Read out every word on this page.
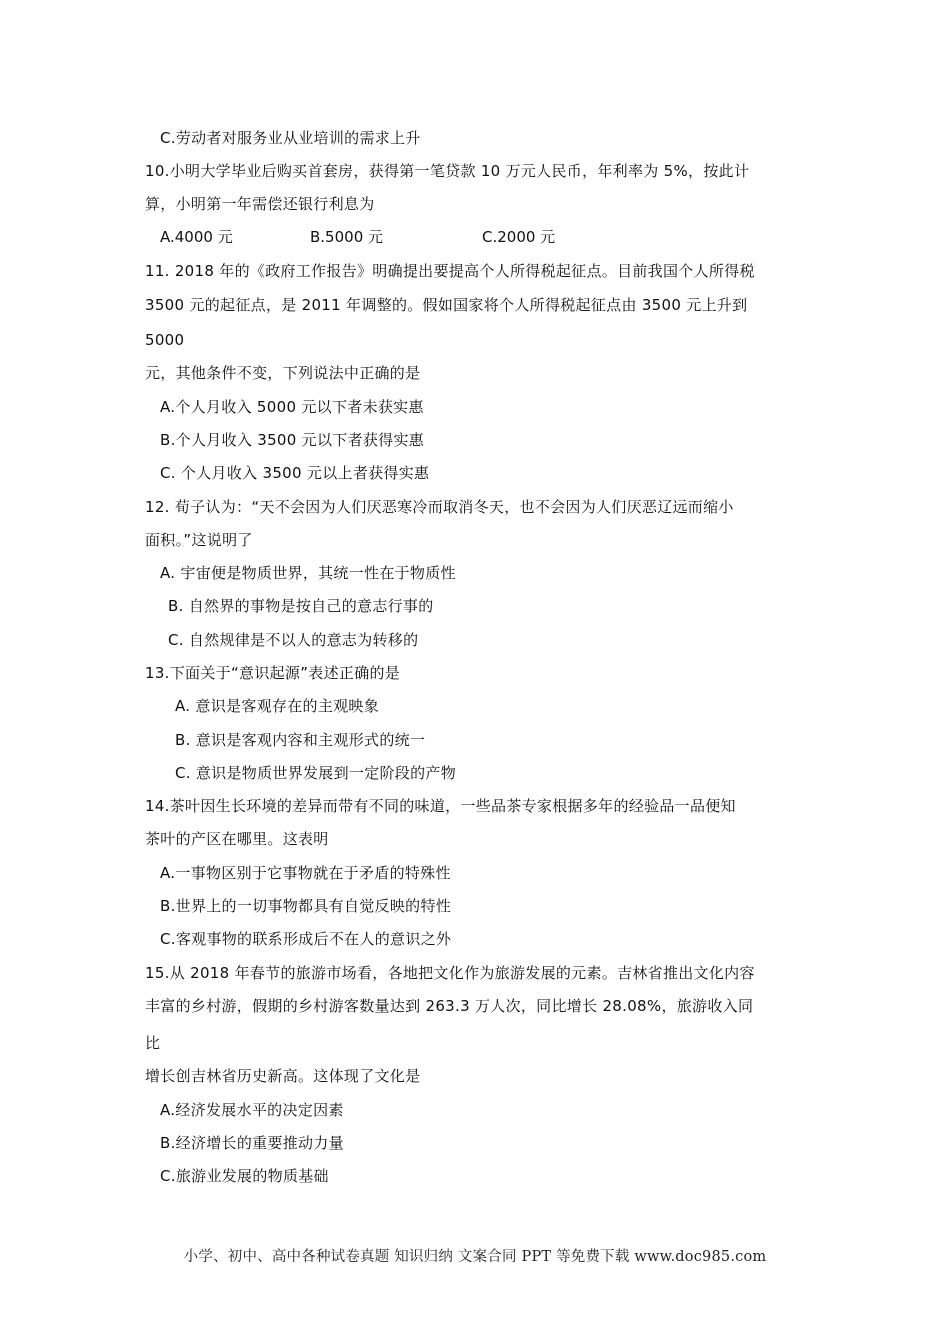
C.劳动者对服务业从业培训的需求上升
10.小明大学毕业后购买首套房，获得第一笔贷款 10 万元人民币，年利率为 5%，按此计
算，小明第一年需偿还银行利息为
A.4000 元	B.5000 元	C.2000 元
11. 2018 年的《政府工作报告》明确提出要提高个人所得税起征点。目前我国个人所得税
3500 元的起征点，是 2011 年调整的。假如国家将个人所得税起征点由 3500 元上升到
5000
元，其他条件不变，下列说法中正确的是
A.个人月收入 5000 元以下者未获实惠
B.个人月收入 3500 元以下者获得实惠
C. 个人月收入 3500 元以上者获得实惠
12. 荀子认为：“天不会因为人们厌恶寒冷而取消冬天，也不会因为人们厌恶辽远而缩小
面积。”这说明了
A. 宇宙便是物质世界，其统一性在于物质性
B. 自然界的事物是按自己的意志行事的
C. 自然规律是不以人的意志为转移的
13.下面关于“意识起源”表述正确的是
A. 意识是客观存在的主观映象
B. 意识是客观内容和主观形式的统一
C. 意识是物质世界发展到一定阶段的产物
14.茶叶因生长环境的差异而带有不同的味道，一些品茶专家根据多年的经验品一品便知
茶叶的产区在哪里。这表明
A.一事物区别于它事物就在于矛盾的特殊性
B.世界上的一切事物都具有自觉反映的特性
C.客观事物的联系形成后不在人的意识之外
15.从 2018 年春节的旅游市场看，各地把文化作为旅游发展的元素。吉林省推出文化内容
丰富的乡村游，假期的乡村游客数量达到 263.3 万人次，同比增长 28.08%，旅游收入同
比
增长创吉林省历史新高。这体现了文化是
A.经济发展水平的决定因素
B.经济增长的重要推动力量
C.旅游业发展的物质基础
小学、初中、高中各种试卷真题 知识归纳 文案合同 PPT 等免费下载 www.doc985.com
